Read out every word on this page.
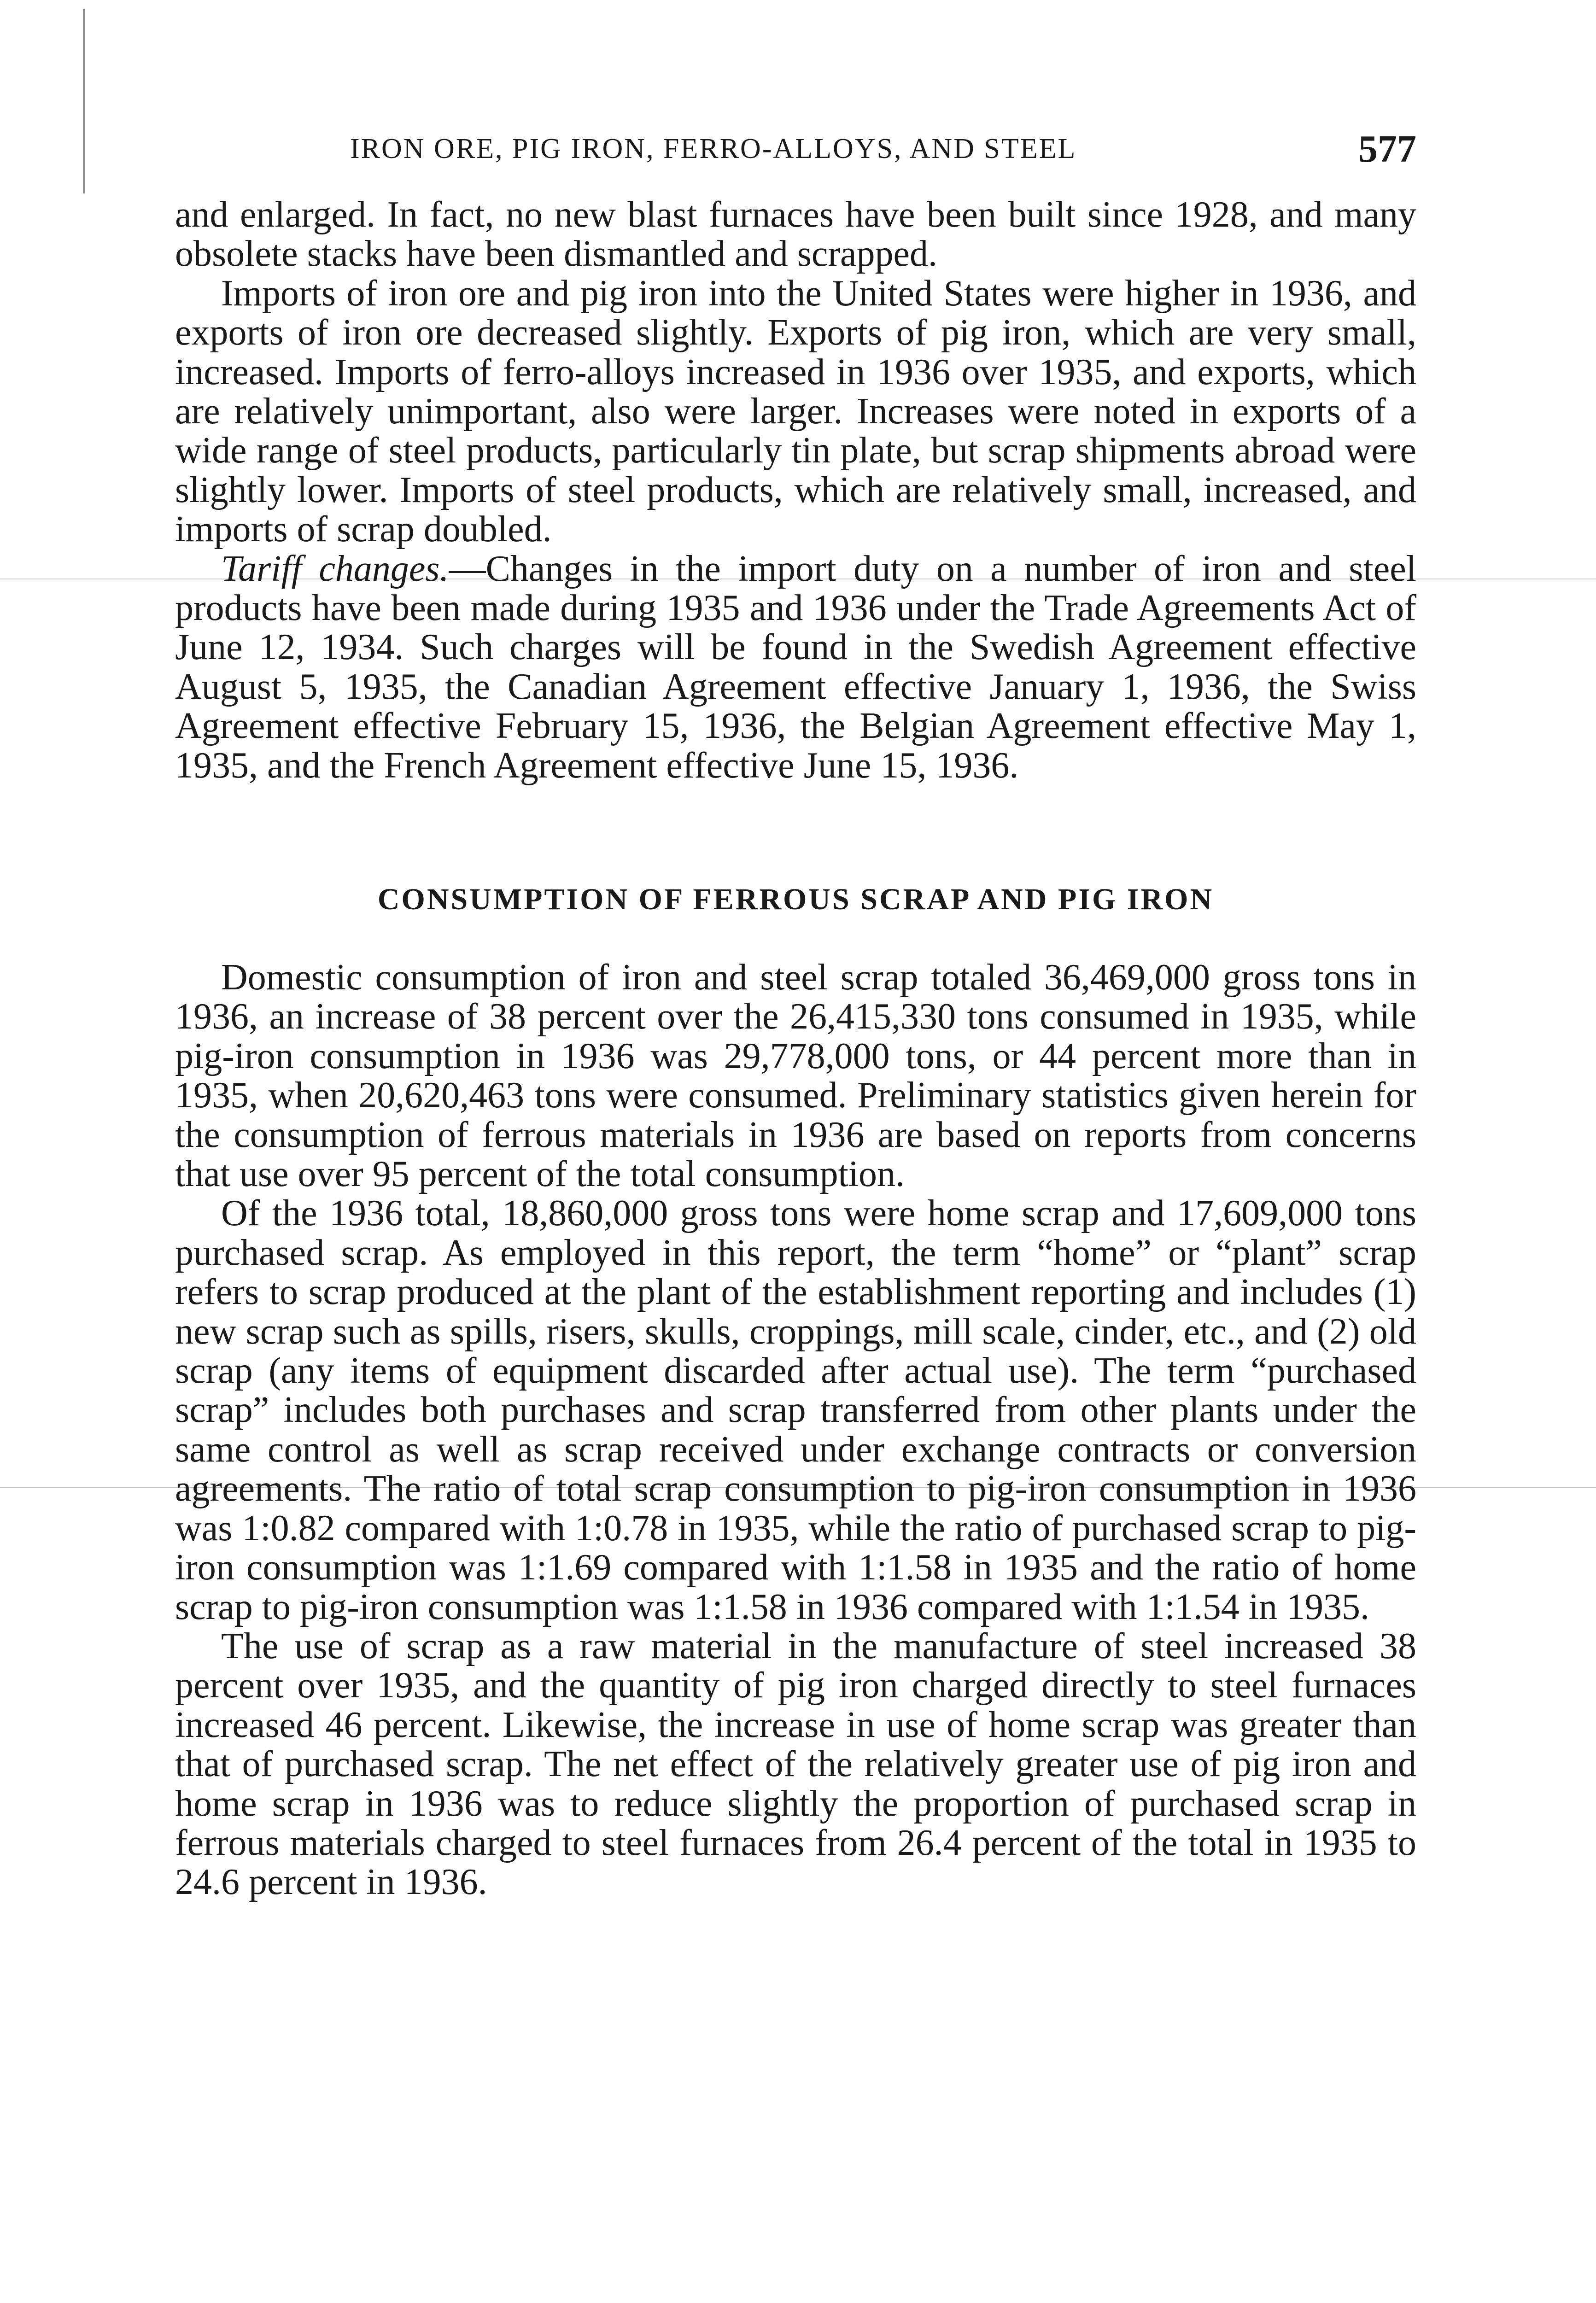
IRON ORE, PIG IRON, FERRO-ALLOYS, AND STEEL	577

and enlarged. In fact, no new blast furnaces have been built since 1928, and many obsolete stacks have been dismantled and scrapped.

Imports of iron ore and pig iron into the United States were higher in 1936, and exports of iron ore decreased slightly. Exports of pig iron, which are very small, increased. Imports of ferro-alloys increased in 1936 over 1935, and exports, which are relatively unimportant, also were larger. Increases were noted in exports of a wide range of steel products, particularly tin plate, but scrap shipments abroad were slightly lower. Imports of steel products, which are relatively small, increased, and imports of scrap doubled.

Tariff changes.—Changes in the import duty on a number of iron and steel products have been made during 1935 and 1936 under the Trade Agreements Act of June 12, 1934. Such charges will be found in the Swedish Agreement effective August 5, 1935, the Canadian Agreement effective January 1, 1936, the Swiss Agreement effective February 15, 1936, the Belgian Agreement effective May 1, 1935, and the French Agreement effective June 15, 1936.

CONSUMPTION OF FERROUS SCRAP AND PIG IRON

Domestic consumption of iron and steel scrap totaled 36,469,000 gross tons in 1936, an increase of 38 percent over the 26,415,330 tons consumed in 1935, while pig-iron consumption in 1936 was 29,778,000 tons, or 44 percent more than in 1935, when 20,620,463 tons were consumed. Preliminary statistics given herein for the consumption of ferrous materials in 1936 are based on reports from concerns that use over 95 percent of the total consumption.

Of the 1936 total, 18,860,000 gross tons were home scrap and 17,609,000 tons purchased scrap. As employed in this report, the term “home” or “plant” scrap refers to scrap produced at the plant of the establishment reporting and includes (1) new scrap such as spills, risers, skulls, croppings, mill scale, cinder, etc., and (2) old scrap (any items of equipment discarded after actual use). The term “purchased scrap” includes both purchases and scrap transferred from other plants under the same control as well as scrap received under exchange contracts or conversion agreements. The ratio of total scrap consumption to pig-iron consumption in 1936 was 1:0.82 compared with 1:0.78 in 1935, while the ratio of purchased scrap to pig-iron consumption was 1:1.69 compared with 1:1.58 in 1935 and the ratio of home scrap to pig-iron consumption was 1:1.58 in 1936 compared with 1:1.54 in 1935.

The use of scrap as a raw material in the manufacture of steel increased 38 percent over 1935, and the quantity of pig iron charged directly to steel furnaces increased 46 percent. Likewise, the increase in use of home scrap was greater than that of purchased scrap. The net effect of the relatively greater use of pig iron and home scrap in 1936 was to reduce slightly the proportion of purchased scrap in ferrous materials charged to steel furnaces from 26.4 percent of the total in 1935 to 24.6 percent in 1936.
